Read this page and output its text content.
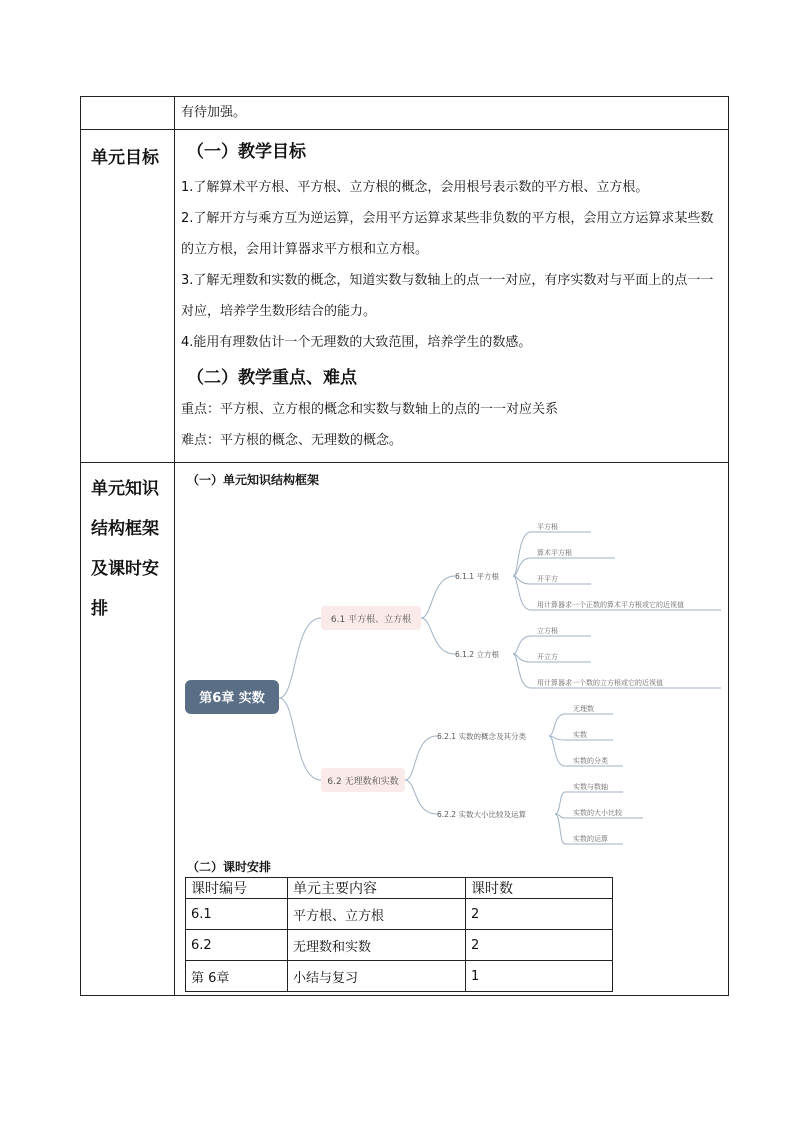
	有待加强。
单元目标	（一）教学目标
1.了解算术平方根、平方根、立方根的概念，会用根号表示数的平方根、立方根。
2.了解开方与乘方互为逆运算，会用平方运算求某些非负数的平方根，会用立方运算求某些数的立方根，会用计算器求平方根和立方根。
3.了解无理数和实数的概念，知道实数与数轴上的点一一对应，有序实数对与平面上的点一一对应，培养学生数形结合的能力。
4.能用有理数估计一个无理数的大致范围，培养学生的数感。
（二）教学重点、难点
重点：平方根、立方根的概念和实数与数轴上的点的一一对应关系
难点：平方根的概念、无理数的概念。

单元知识
结构框架
及课时安
排

（一）单元知识结构框架
第6章 实数
6.1 平方根、立方根
6.2 无理数和实数
6.1.1 平方根
6.1.2 立方根
6.2.1 实数的概念及其分类
6.2.2 实数大小比较及运算
平方根
算术平方根
开平方
用计算器求一个正数的算术平方根或它的近视值
立方根
开立方
用计算器求一个数的立方根或它的近视值
无理数
实数
实数的分类
实数与数轴
实数的大小比较
实数的运算
（二）课时安排
课时编号	单元主要内容	课时数
6.1	平方根、立方根	2
6.2	无理数和实数	2
第 6章	小结与复习	1
